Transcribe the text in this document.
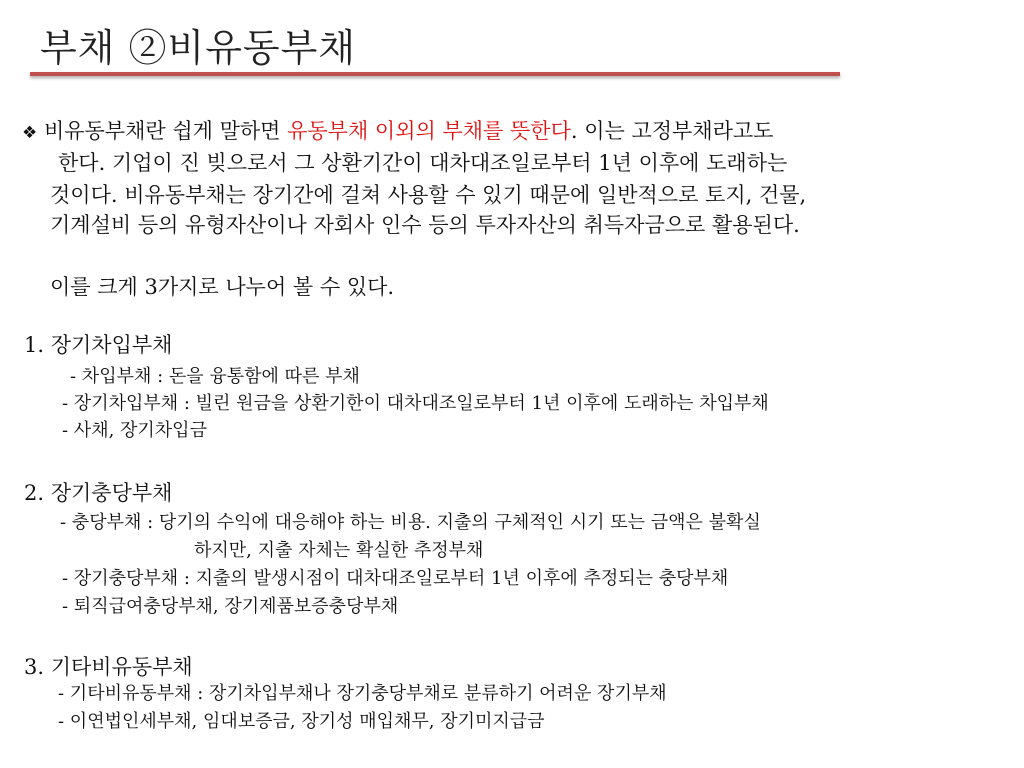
부채 ②비유동부채
❖ 비유동부채란 쉽게 말하면 유동부채 이외의 부채를 뜻한다. 이는 고정부채라고도
한다. 기업이 진 빚으로서 그 상환기간이 대차대조일로부터 1년 이후에 도래하는
것이다. 비유동부채는 장기간에 걸쳐 사용할 수 있기 때문에 일반적으로 토지, 건물,
기계설비 등의 유형자산이나 자회사 인수 등의 투자자산의 취득자금으로 활용된다.
이를 크게 3가지로 나누어 볼 수 있다.
1. 장기차입부채
- 차입부채 : 돈을 융통함에 따른 부채
- 장기차입부채 : 빌린 원금을 상환기한이 대차대조일로부터 1년 이후에 도래하는 차입부채
- 사채, 장기차입금
2. 장기충당부채
- 충당부채 : 당기의 수익에 대응해야 하는 비용. 지출의 구체적인 시기 또는 금액은 불확실
하지만, 지출 자체는 확실한 추정부채
- 장기충당부채 : 지출의 발생시점이 대차대조일로부터 1년 이후에 추정되는 충당부채
- 퇴직급여충당부채, 장기제품보증충당부채
3. 기타비유동부채
- 기타비유동부채 : 장기차입부채나 장기충당부채로 분류하기 어려운 장기부채
- 이연법인세부채, 임대보증금, 장기성 매입채무, 장기미지급금
